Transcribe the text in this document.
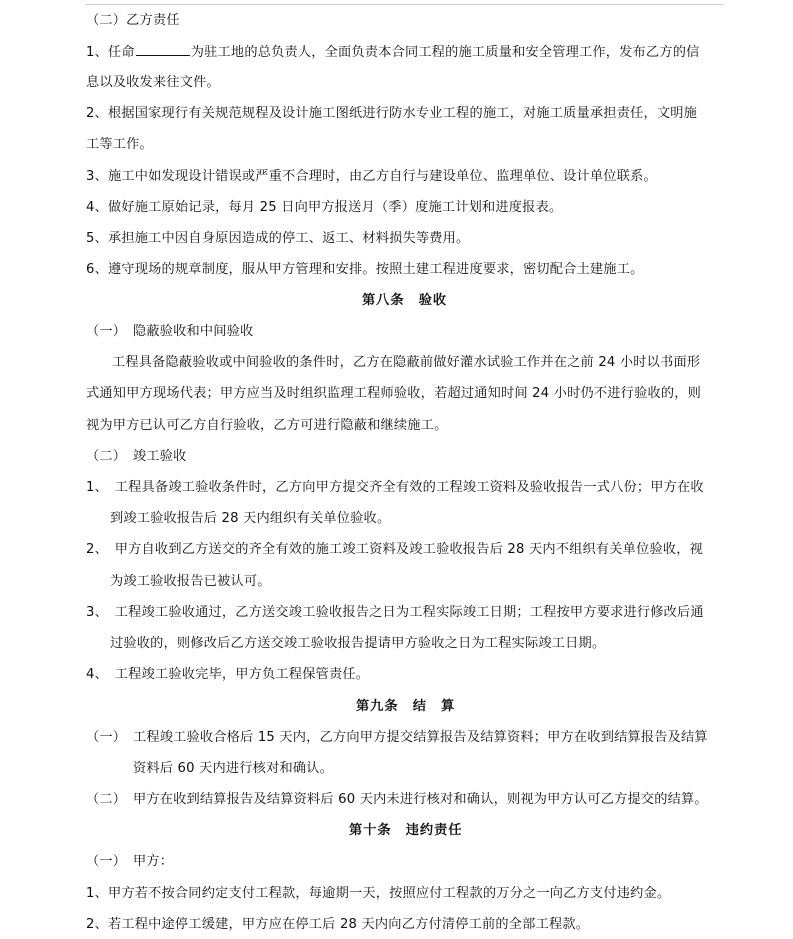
（二）乙方责任
1、任命	为驻工地的总负责人，全面负责本合同工程的施工质量和安全管理工作，发布乙方的信
息以及收发来往文件。
2、根据国家现行有关规范规程及设计施工图纸进行防水专业工程的施工，对施工质量承担责任，文明施
工等工作。
3、施工中如发现设计错误或严重不合理时，由乙方自行与建设单位、监理单位、设计单位联系。
4、做好施工原始记录，每月 25 日向甲方报送月（季）度施工计划和进度报表。
5、承担施工中因自身原因造成的停工、返工、材料损失等费用。
6、遵守现场的规章制度，服从甲方管理和安排。按照土建工程进度要求，密切配合土建施工。
第八条　验收
（一）　隐蔽验收和中间验收
工程具备隐蔽验收或中间验收的条件时，乙方在隐蔽前做好灌水试验工作并在之前 24 小时以书面形
式通知甲方现场代表；甲方应当及时组织监理工程师验收，若超过通知时间 24 小时仍不进行验收的，则
视为甲方已认可乙方自行验收，乙方可进行隐蔽和继续施工。
（二）　竣工验收
1、　工程具备竣工验收条件时，乙方向甲方提交齐全有效的工程竣工资料及验收报告一式八份；甲方在收
到竣工验收报告后 28 天内组织有关单位验收。
2、　甲方自收到乙方送交的齐全有效的施工竣工资料及竣工验收报告后 28 天内不组织有关单位验收，视
为竣工验收报告已被认可。
3、　工程竣工验收通过，乙方送交竣工验收报告之日为工程实际竣工日期；工程按甲方要求进行修改后通
过验收的，则修改后乙方送交竣工验收报告提请甲方验收之日为工程实际竣工日期。
4、　工程竣工验收完毕，甲方负工程保管责任。
第九条　结　算
（一）　工程竣工验收合格后 15 天内，乙方向甲方提交结算报告及结算资料；甲方在收到结算报告及结算
资料后 60 天内进行核对和确认。
（二）　甲方在收到结算报告及结算资料后 60 天内未进行核对和确认，则视为甲方认可乙方提交的结算。
第十条　违约责任
（一）　甲方：
1、甲方若不按合同约定支付工程款，每逾期一天，按照应付工程款的万分之一向乙方支付违约金。
2、若工程中途停工缓建，甲方应在停工后 28 天内向乙方付清停工前的全部工程款。
